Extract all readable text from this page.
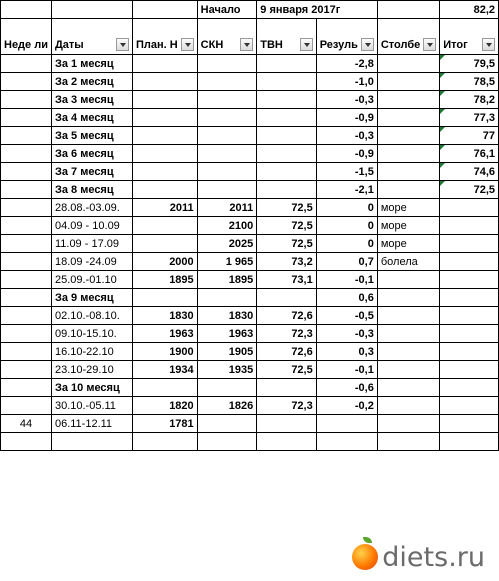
			Начало	9 января 2017г			82,2

Неде ли	Даты	План. Н	СКН	ТВН	Резуль	Столбе	Итог

	За 1 месяц				-2,8		79,5
	За 2 месяц				-1,0		78,5
	За 3 месяц				-0,3		78,2
	За 4 месяц				-0,9		77,3
	За 5 месяц				-0,3		77
	За 6 месяц				-0,9		76,1
	За 7 месяц				-1,5		74,6
	За 8 месяц				-2,1		72,5
	28.08.-03.09.	2011	2011	72,5	0	море	
	04.09 - 10.09		2100	72,5	0	море	
	11.09 - 17.09		2025	72,5	0	море	
	18.09 -24.09	2000	1 965	73,2	0,7	болела	
	25.09.-01.10	1895	1895	73,1	-0,1		
	За 9 месяц				0,6		
	02.10.-08.10.	1830	1830	72,6	-0,5		
	09.10-15.10.	1963	1963	72,3	-0,3		
	16.10-22.10	1900	1905	72,6	0,3		
	23.10-29.10	1934	1935	72,5	-0,1		
	За 10 месяц				-0,6		
	30.10.-05.11	1820	1826	72,3	-0,2		
44	06.11-12.11	1781					

diets.ru
